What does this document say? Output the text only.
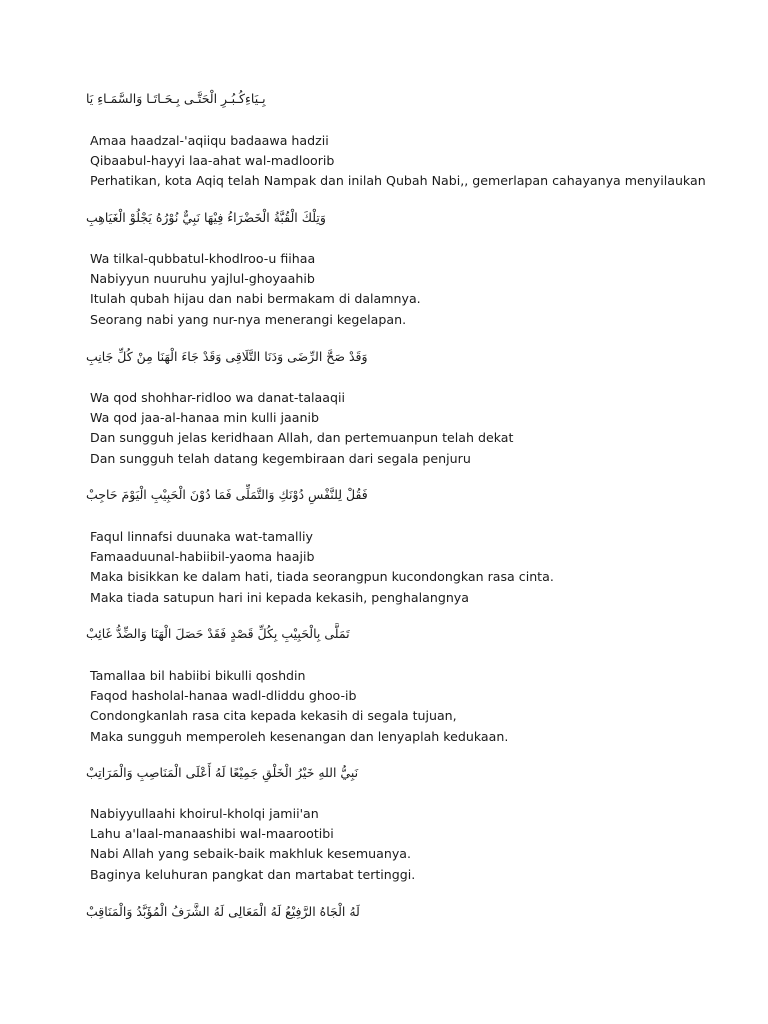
بِـيَاءِكُـبُـرِ الْحَتَّـى بِـحَـاتَـا وَالسَّمَـاءِ يَا
Amaa haadzal-'aqiiqu badaawa hadzii
Qibaabul-hayyi laa-ahat wal-madloorib
Perhatikan, kota Aqiq telah Nampak dan inilah Qubah Nabi,, gemerlapan cahayanya menyilaukan
وَتِلْكَ الْقُبَّةُ الْخَضْرَاءُ فِيْهَا نَبِيٌّ نُوْرُهُ يَجْلُوْ الْغَيَاهِبِ
Wa tilkal-qubbatul-khodlroo-u fiihaa
Nabiyyun nuuruhu yajlul-ghoyaahib
Itulah qubah hijau dan nabi bermakam di dalamnya.
Seorang nabi yang nur-nya menerangi kegelapan.
وَقَدْ صَحَّ الرِّضَى وَدَنَا التَّلَاقِى وَقَدْ جَاءَ الْهَنَا مِنْ كُلِّ جَانِبِ
Wa qod shohhar-ridloo wa danat-talaaqii
Wa qod jaa-al-hanaa min kulli jaanib
Dan sungguh jelas keridhaan Allah, dan pertemuanpun telah dekat
Dan sungguh telah datang kegembiraan dari segala penjuru
فَقُلْ لِلنَّفْسِ دُوْنَكِ وَالتَّمَلِّى فَمَا دُوْنَ الْحَبِيْبِ الْيَوْمَ حَاجِبْ
Faqul linnafsi duunaka wat-tamalliy
Famaaduunal-habiibil-yaoma haajib
Maka bisikkan ke dalam hati, tiada seorangpun kucondongkan rasa cinta.
Maka tiada satupun hari ini kepada kekasih, penghalangnya
تَمَلَّى بِالْحَبِيْبِ بِكُلِّ قَصْدٍ فَقَدْ حَصَلَ الْهَنَا وَالضِّدُّ غَائِبْ
Tamallaa bil habiibi bikulli qoshdin
Faqod hasholal-hanaa wadl-dliddu ghoo-ib
Condongkanlah rasa cita kepada kekasih di segala tujuan,
Maka sungguh memperoleh kesenangan dan lenyaplah kedukaan.
نَبِيُّ اللهِ خَيْرُ الْخَلْقِ جَمِيْعًا لَهُ أَعْلَى الْمَنَاصِبِ وَالْمَرَاتِبْ
Nabiyyullaahi khoirul-kholqi jamii'an
Lahu a'laal-manaashibi wal-maarootibi
Nabi Allah yang sebaik-baik makhluk kesemuanya.
Baginya keluhuran pangkat dan martabat tertinggi.
لَهُ الْجَاهُ الرَّفِيْعُ لَهُ الْمَعَالِى لَهُ الشَّرَفُ الْمُؤَبَّدُ وَالْمَنَاقِبْ
